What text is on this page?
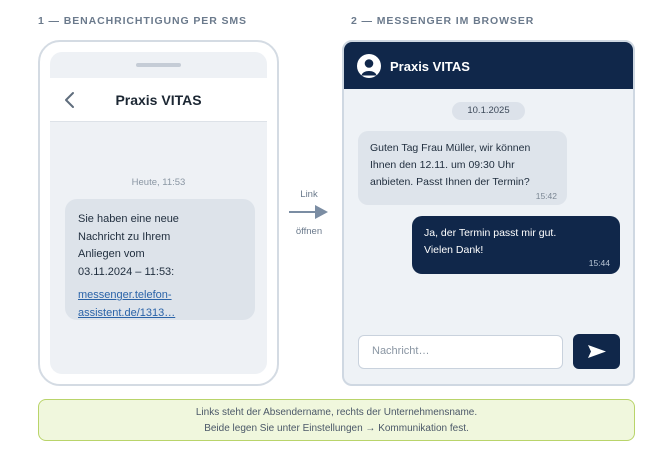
1 — BENACHRICHTIGUNG PER SMS	2 — MESSENGER IM BROWSER
Praxis VITAS
Heute, 11:53
Sie haben eine neue
Nachricht zu Ihrem
Anliegen vom
03.11.2024 – 11:53:
messenger.telefon-
assistent.de/1313…
Link
öffnen
Praxis VITAS
10.1.2025
Guten Tag Frau Müller, wir können
Ihnen den 12.11. um 09:30 Uhr
anbieten. Passt Ihnen der Termin?
15:42
Ja, der Termin passt mir gut.
Vielen Dank!
15:44
Nachricht…
Links steht der Absendername, rechts der Unternehmensname.
Beide legen Sie unter Einstellungen → Kommunikation fest.
